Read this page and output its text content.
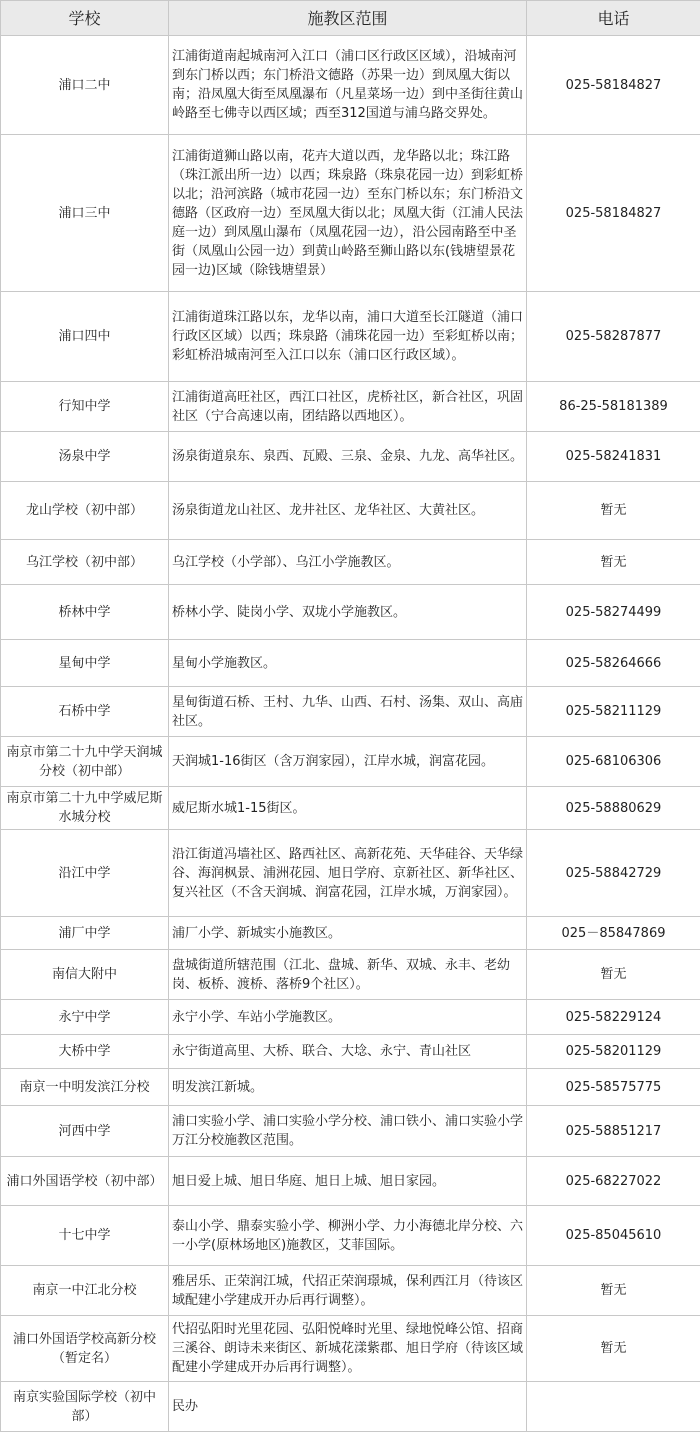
学校	施教区范围	电话
浦口二中	江浦街道南起城南河入江口（浦口区行政区区域），沿城南河到东门桥以西；东门桥沿文德路（苏果一边）到凤凰大街以南；沿凤凰大街至凤凰瀑布（凡星菜场一边）到中圣街往黄山岭路至七佛寺以西区域；西至312国道与浦乌路交界处。	025-58184827
浦口三中	江浦街道狮山路以南，花卉大道以西，龙华路以北；珠江路（珠江派出所一边）以西；珠泉路（珠泉花园一边）到彩虹桥以北；沿河滨路（城市花园一边）至东门桥以东；东门桥沿文德路（区政府一边）至凤凰大街以北；凤凰大街（江浦人民法庭一边）到凤凰山瀑布（凤凰花园一边），沿公园南路至中圣街（凤凰山公园一边）到黄山岭路至狮山路以东(钱塘望景花园一边)区域（除钱塘望景）	025-58184827
浦口四中	江浦街道珠江路以东，龙华以南，浦口大道至长江隧道（浦口行政区区域）以西；珠泉路（浦珠花园一边）至彩虹桥以南；彩虹桥沿城南河至入江口以东（浦口区行政区域）。	025-58287877
行知中学	江浦街道高旺社区，西江口社区，虎桥社区，新合社区，巩固社区（宁合高速以南，团结路以西地区）。	86-25-58181389
汤泉中学	汤泉街道泉东、泉西、瓦殿、三泉、金泉、九龙、高华社区。	025-58241831
龙山学校（初中部）	汤泉街道龙山社区、龙井社区、龙华社区、大黄社区。	暂无
乌江学校（初中部）	乌江学校（小学部）、乌江小学施教区。	暂无
桥林中学	桥林小学、陡岗小学、双垅小学施教区。	025-58274499
星甸中学	星甸小学施教区。	025-58264666
石桥中学	星甸街道石桥、王村、九华、山西、石村、汤集、双山、高庙社区。	025-58211129
南京市第二十九中学天润城分校（初中部）	天润城1-16街区（含万润家园），江岸水城，润富花园。	025-68106306
南京市第二十九中学威尼斯水城分校	威尼斯水城1-15街区。	025-58880629
沿江中学	沿江街道冯墙社区、路西社区、高新花苑、天华硅谷、天华绿谷、海润枫景、浦洲花园、旭日学府、京新社区、新华社区、复兴社区（不含天润城、润富花园，江岸水城，万润家园）。	025-58842729
浦厂中学	浦厂小学、新城实小施教区。	025－85847869
南信大附中	盘城街道所辖范围（江北、盘城、新华、双城、永丰、老幼岗、板桥、渡桥、落桥9个社区）。	暂无
永宁中学	永宁小学、车站小学施教区。	025-58229124
大桥中学	永宁街道高里、大桥、联合、大埝、永宁、青山社区	025-58201129
南京一中明发滨江分校	明发滨江新城。	025-58575775
河西中学	浦口实验小学、浦口实验小学分校、浦口铁小、浦口实验小学万江分校施教区范围。	025-58851217
浦口外国语学校（初中部）	旭日爱上城、旭日华庭、旭日上城、旭日家园。	025-68227022
十七中学	泰山小学、鼎泰实验小学、柳洲小学、力小海德北岸分校、六一小学(原林场地区)施教区，艾菲国际。	025-85045610
南京一中江北分校	雅居乐、正荣润江城，代招正荣润璟城，保利西江月（待该区域配建小学建成开办后再行调整）。	暂无
浦口外国语学校高新分校（暂定名）	代招弘阳时光里花园、弘阳悦峰时光里、绿地悦峰公馆、招商三溪谷、朗诗未来街区、新城花漾紫郡、旭日学府（待该区域配建小学建成开办后再行调整）。	暂无
南京实验国际学校（初中部）	民办	
